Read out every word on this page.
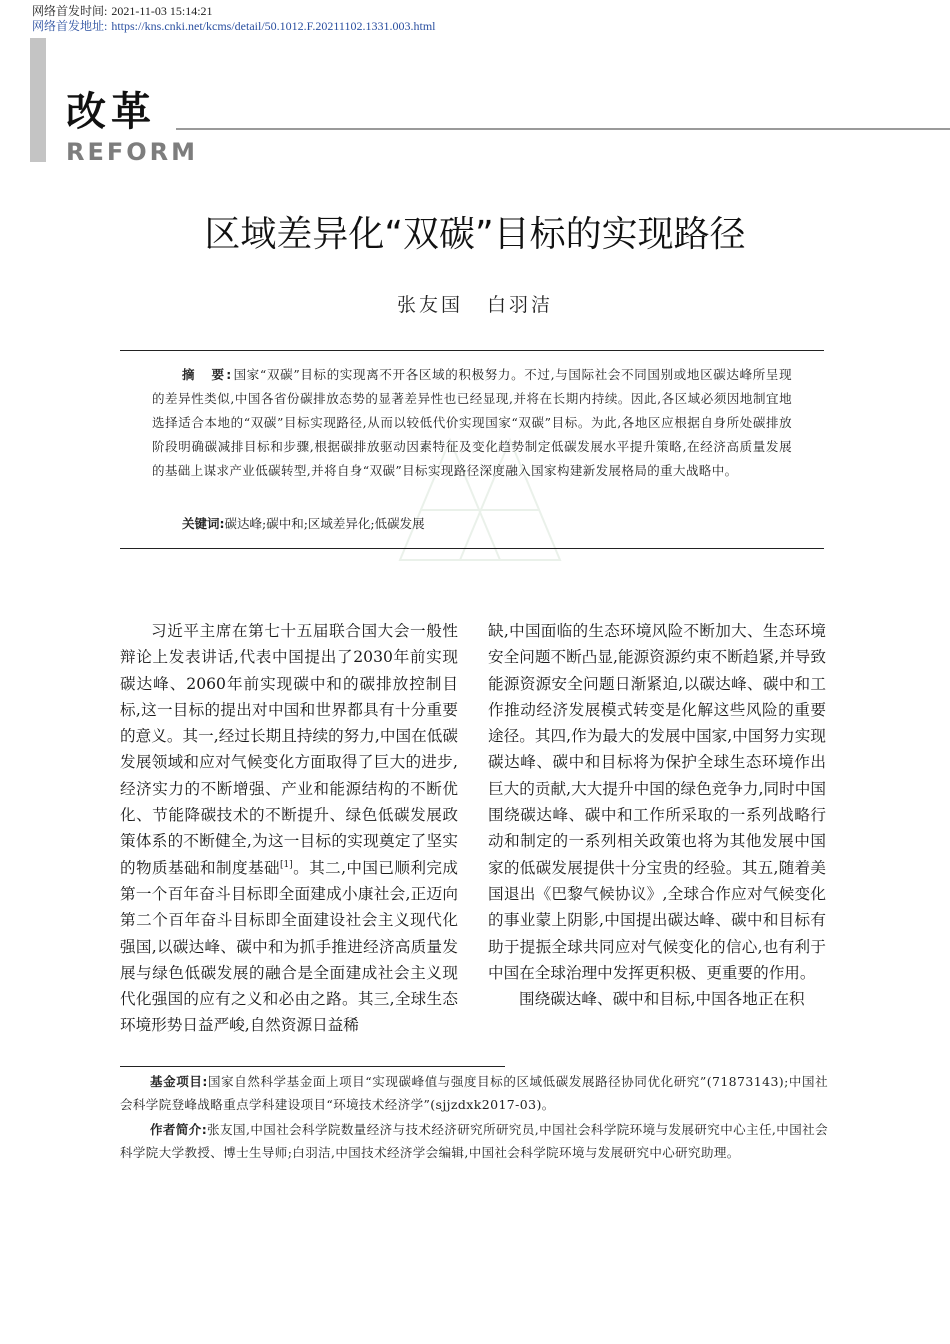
网络首发时间: 2021-11-03 15:14:21
网络首发地址: https://kns.cnki.net/kcms/detail/50.1012.F.20211102.1331.003.html
改革
REFORM
区域差异化“双碳”目标的实现路径
张友国 白羽洁
摘　要:国家“双碳”目标的实现离不开各区域的积极努力。不过,与国际社会不同国别或地区碳达峰所呈现的差异性类似,中国各省份碳排放态势的显著差异性也已经显现,并将在长期内持续。因此,各区域必须因地制宜地选择适合本地的“双碳”目标实现路径,从而以较低代价实现国家“双碳”目标。为此,各地区应根据自身所处碳排放阶段明确碳减排目标和步骤,根据碳排放驱动因素特征及变化趋势制定低碳发展水平提升策略,在经济高质量发展的基础上谋求产业低碳转型,并将自身“双碳”目标实现路径深度融入国家构建新发展格局的重大战略中。
关键词:碳达峰;碳中和;区域差异化;低碳发展

习近平主席在第七十五届联合国大会一般性辩论上发表讲话,代表中国提出了2030年前实现碳达峰、2060年前实现碳中和的碳排放控制目标,这一目标的提出对中国和世界都具有十分重要的意义。其一,经过长期且持续的努力,中国在低碳发展领域和应对气候变化方面取得了巨大的进步,经济实力的不断增强、产业和能源结构的不断优化、节能降碳技术的不断提升、绿色低碳发展政策体系的不断健全,为这一目标的实现奠定了坚实的物质基础和制度基础[1]。其二,中国已顺利完成第一个百年奋斗目标即全面建成小康社会,正迈向第二个百年奋斗目标即全面建设社会主义现代化强国,以碳达峰、碳中和为抓手推进经济高质量发展与绿色低碳发展的融合是全面建成社会主义现代化强国的应有之义和必由之路。其三,全球生态环境形势日益严峻,自然资源日益稀

缺,中国面临的生态环境风险不断加大、生态环境安全问题不断凸显,能源资源约束不断趋紧,并导致能源资源安全问题日渐紧迫,以碳达峰、碳中和工作推动经济发展模式转变是化解这些风险的重要途径。其四,作为最大的发展中国家,中国努力实现碳达峰、碳中和目标将为保护全球生态环境作出巨大的贡献,大大提升中国的绿色竞争力,同时中国围绕碳达峰、碳中和工作所采取的一系列战略行动和制定的一系列相关政策也将为其他发展中国家的低碳发展提供十分宝贵的经验。其五,随着美国退出《巴黎气候协议》,全球合作应对气候变化的事业蒙上阴影,中国提出碳达峰、碳中和目标有助于提振全球共同应对气候变化的信心,也有利于中国在全球治理中发挥更积极、更重要的作用。

围绕碳达峰、碳中和目标,中国各地正在积

基金项目:国家自然科学基金面上项目“实现碳峰值与强度目标的区域低碳发展路径协同优化研究”(71873143);中国社会科学院登峰战略重点学科建设项目“环境技术经济学”(sjjzdxk2017-03)。

作者简介:张友国,中国社会科学院数量经济与技术经济研究所研究员,中国社会科学院环境与发展研究中心主任,中国社会科学院大学教授、博士生导师;白羽洁,中国技术经济学会编辑,中国社会科学院环境与发展研究中心研究助理。
